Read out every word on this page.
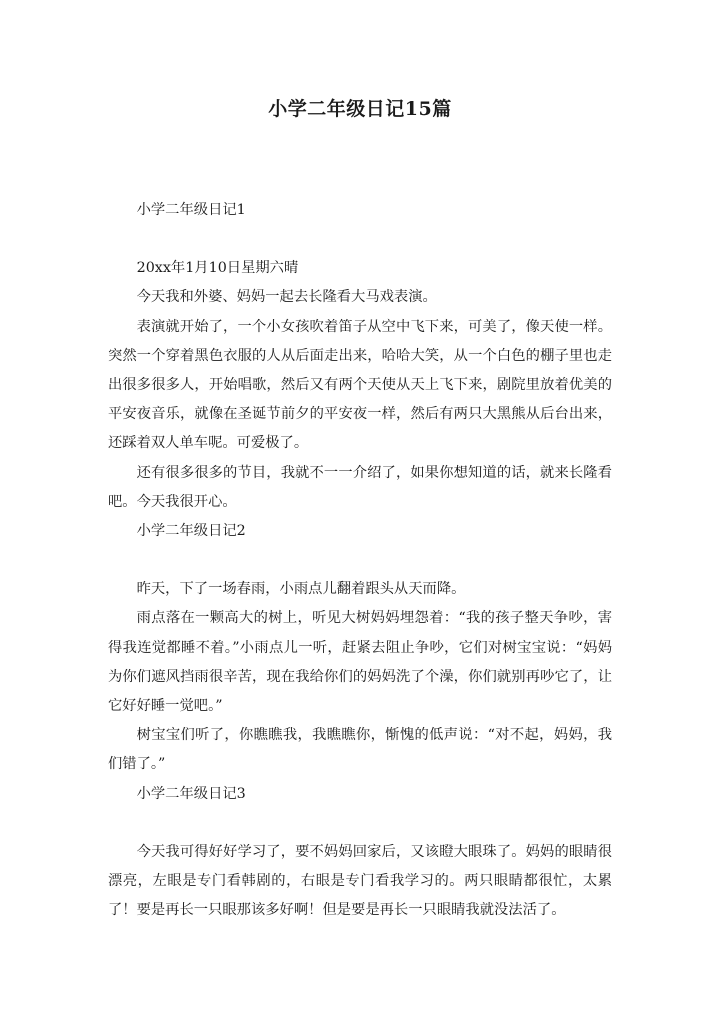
小学二年级日记15篇

小学二年级日记1

20xx年1月10日星期六晴

今天我和外婆、妈妈一起去长隆看大马戏表演。

表演就开始了，一个小女孩吹着笛子从空中飞下来，可美了，像天使一样。突然一个穿着黑色衣服的人从后面走出来，哈哈大笑，从一个白色的棚子里也走出很多很多人，开始唱歌，然后又有两个天使从天上飞下来，剧院里放着优美的平安夜音乐，就像在圣诞节前夕的平安夜一样，然后有两只大黑熊从后台出来，还踩着双人单车呢。可爱极了。

还有很多很多的节目，我就不一一介绍了，如果你想知道的话，就来长隆看吧。今天我很开心。

小学二年级日记2

昨天，下了一场春雨，小雨点儿翻着跟头从天而降。

雨点落在一颗高大的树上，听见大树妈妈埋怨着：“我的孩子整天争吵，害得我连觉都睡不着。”小雨点儿一听，赶紧去阻止争吵，它们对树宝宝说：“妈妈为你们遮风挡雨很辛苦，现在我给你们的妈妈洗了个澡，你们就别再吵它了，让它好好睡一觉吧。”

树宝宝们听了，你瞧瞧我，我瞧瞧你，惭愧的低声说：“对不起，妈妈，我们错了。”

小学二年级日记3

今天我可得好好学习了，要不妈妈回家后，又该瞪大眼珠了。妈妈的眼睛很漂亮，左眼是专门看韩剧的，右眼是专门看我学习的。两只眼睛都很忙，太累了！要是再长一只眼那该多好啊！但是要是再长一只眼睛我就没法活了。
